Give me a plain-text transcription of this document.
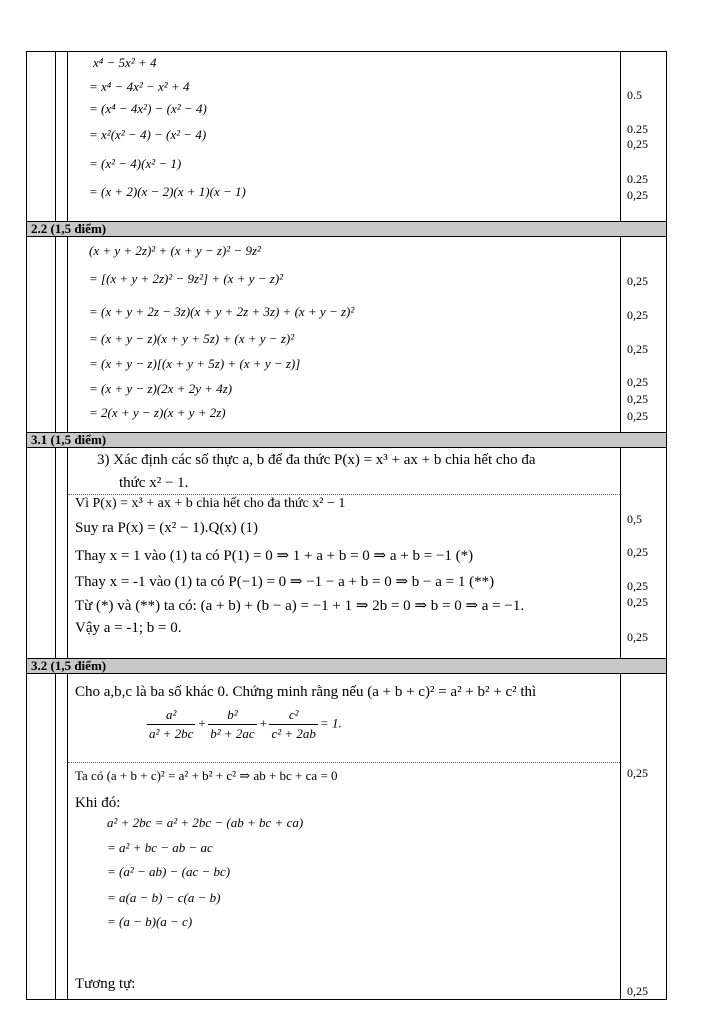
x⁴ − 5x² + 4
= x⁴ − 4x² − x² + 4
= (x⁴ − 4x²) − (x² − 4)
= x²(x² − 4) − (x² − 4)
= (x² − 4)(x² − 1)
= (x + 2)(x − 2)(x + 1)(x − 1)
0.5
0.25
0,25
0.25
0,25
2.2 (1,5 điểm)
(x + y + 2z)² + (x + y − z)² − 9z²
= [(x + y + 2z)² − 9z²] + (x + y − z)²
= (x + y + 2z − 3z)(x + y + 2z + 3z) + (x + y − z)²
= (x + y − z)(x + y + 5z) + (x + y − z)²
= (x + y − z)[(x + y + 5z) + (x + y − z)]
= (x + y − z)(2x + 2y + 4z)
= 2(x + y − z)(x + y + 2z)
0,25
0,25
0,25
0,25
0,25
0,25
3.1 (1,5 điểm)
3) Xác định các số thực a, b để đa thức P(x) = x³ + ax + b chia hết cho đa
thức x² − 1.
Vì P(x) = x³ + ax + b chia hết cho đa thức x² − 1
Suy ra P(x) = (x² − 1).Q(x) (1)
Thay x = 1 vào (1) ta có P(1) = 0 ⇒ 1 + a + b = 0 ⇒ a + b = −1 (*)
Thay x = -1 vào (1) ta có P(−1) = 0 ⇒ −1 − a + b = 0 ⇒ b − a = 1 (**)
Từ (*) và (**) ta có: (a + b) + (b − a) = −1 + 1 ⇒ 2b = 0 ⇒ b = 0 ⇒ a = −1.
Vậy a = -1; b = 0.
0,5
0,25
0,25
0,25
0,25
3.2 (1,5 điểm)
Cho a,b,c là ba số khác 0. Chứng minh rằng nếu (a + b + c)² = a² + b² + c² thì
$\frac{\text{a²}}{\text{a² + 2bc}} + \frac{\text{b²}}{\text{b² + 2ac}} + \frac{\text{c²}}{\text{c² + 2ab}} = 1$.
Ta có (a + b + c)² = a² + b² + c² ⇒ ab + bc + ca = 0
Khi đó:
a² + 2bc = a² + 2bc − (ab + bc + ca)
= a² + bc − ab − ac
= (a² − ab) − (ac − bc)
= a(a − b) − c(a − b)
= (a − b)(a − c)
Tương tự:
0,25
0,25
